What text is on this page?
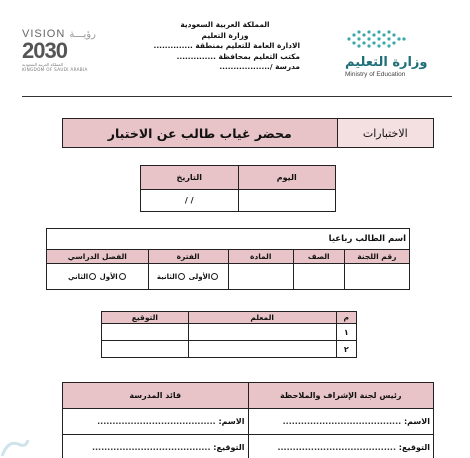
المملكة العربية السعودية
وزارة التعليم
الادارة العامة للتعليم بمنطقة ..............
مكتب التعليم بمحافظة ..............
مدرسة /..................
VISION رؤيـــة
2030
المملكة العربية السعودية
KINGDOM OF SAUDI ARABIA	وزارة التعليم
Ministry of Education
الاختبارات	محضر غياب طالب عن الاختبار
اليوم	التاريخ
	/ /
اسم الطالب رباعيا				
رقم اللجنة	الصف	المادة	الفترة	الفصل الدراسي
			الأولى الثانية	الأول الثاني
م	المعلم	التوقيع
١		
٢		
رئيس لجنة الإشراف والملاحظة	قائد المدرسة
الاسم: .......................................	الاسم: .......................................
التوقيع: .......................................	التوقيع: .......................................
